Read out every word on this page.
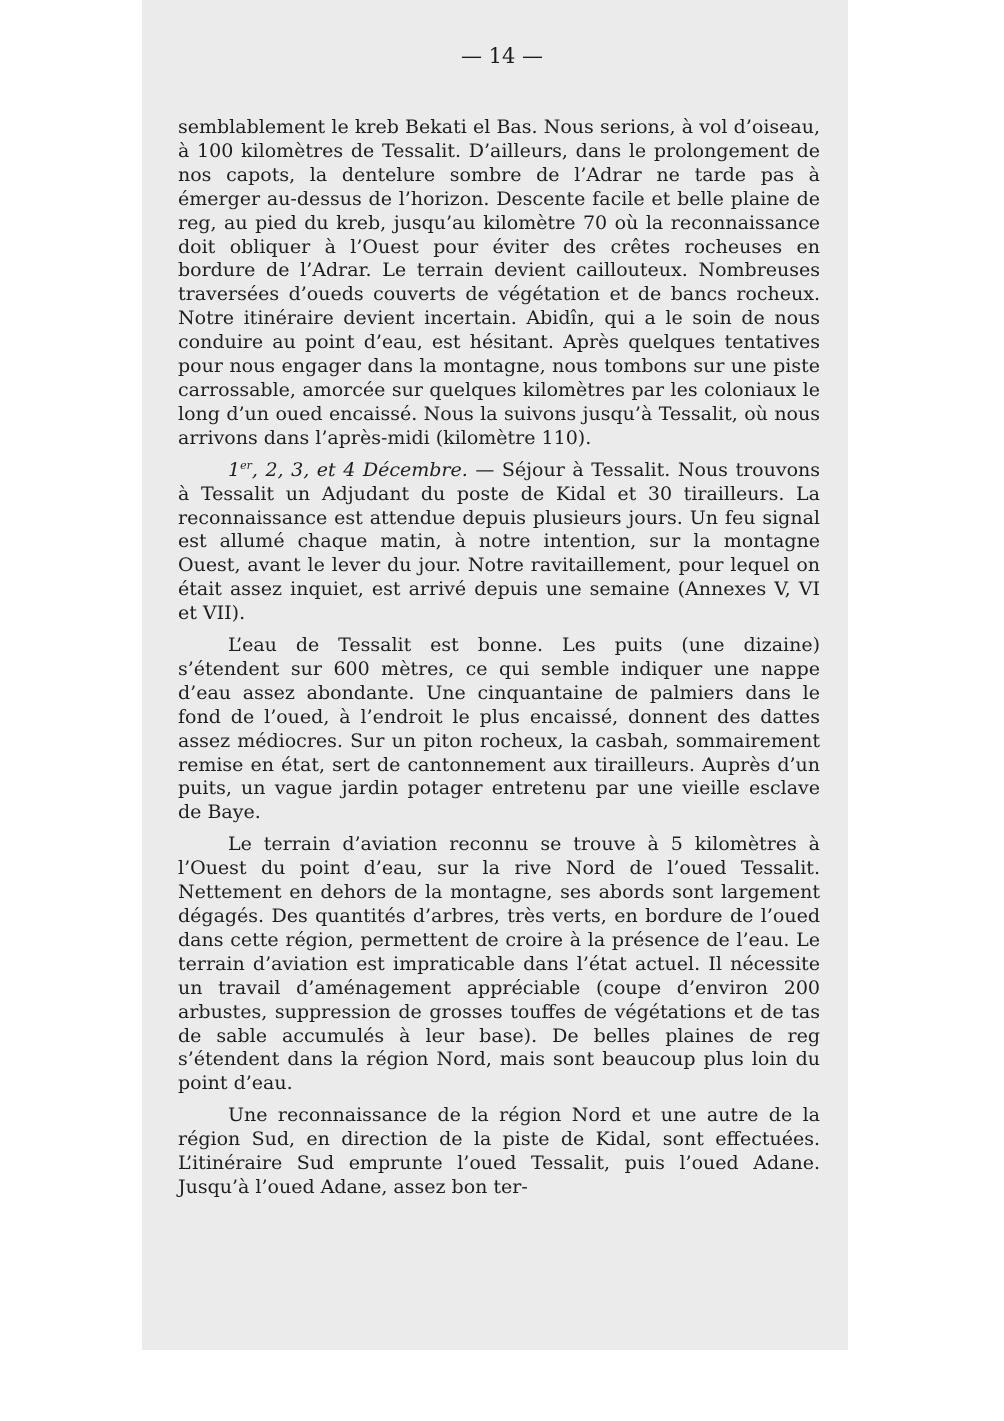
— 14 —

semblablement le kreb Bekati el Bas. Nous serions, à vol d’oiseau, à 100 kilomètres de Tessalit. D’ailleurs, dans le prolongement de nos capots, la dentelure sombre de l’Adrar ne tarde pas à émerger au-dessus de l’horizon. Descente facile et belle plaine de reg, au pied du kreb, jusqu’au kilomètre 70 où la reconnaissance doit obliquer à l’Ouest pour éviter des crêtes rocheuses en bordure de l’Adrar. Le terrain devient caillouteux. Nombreuses traversées d’oueds couverts de végétation et de bancs rocheux. Notre itinéraire devient incertain. Abidîn, qui a le soin de nous conduire au point d’eau, est hésitant. Après quelques tentatives pour nous engager dans la montagne, nous tombons sur une piste carrossable, amorcée sur quelques kilomètres par les coloniaux le long d’un oued encaissé. Nous la suivons jusqu’à Tessalit, où nous arrivons dans l’après-midi (kilomètre 110).

1er, 2, 3, et 4 Décembre. — Séjour à Tessalit. Nous trouvons à Tessalit un Adjudant du poste de Kidal et 30 tirailleurs. La reconnaissance est attendue depuis plusieurs jours. Un feu signal est allumé chaque matin, à notre intention, sur la montagne Ouest, avant le lever du jour. Notre ravitaillement, pour lequel on était assez inquiet, est arrivé depuis une semaine (Annexes V, VI et VII).

L’eau de Tessalit est bonne. Les puits (une dizaine) s’étendent sur 600 mètres, ce qui semble indiquer une nappe d’eau assez abondante. Une cinquantaine de palmiers dans le fond de l’oued, à l’endroit le plus encaissé, donnent des dattes assez médiocres. Sur un piton rocheux, la casbah, sommairement remise en état, sert de cantonnement aux tirailleurs. Auprès d’un puits, un vague jardin potager entretenu par une vieille esclave de Baye.

Le terrain d’aviation reconnu se trouve à 5 kilomètres à l’Ouest du point d’eau, sur la rive Nord de l’oued Tessalit. Nettement en dehors de la montagne, ses abords sont largement dégagés. Des quantités d’arbres, très verts, en bordure de l’oued dans cette région, permettent de croire à la présence de l’eau. Le terrain d’aviation est impraticable dans l’état actuel. Il nécessite un travail d’aménagement appréciable (coupe d’environ 200 arbustes, suppression de grosses touffes de végétations et de tas de sable accumulés à leur base). De belles plaines de reg s’étendent dans la région Nord, mais sont beaucoup plus loin du point d’eau.

Une reconnaissance de la région Nord et une autre de la région Sud, en direction de la piste de Kidal, sont effectuées. L’itinéraire Sud emprunte l’oued Tessalit, puis l’oued Adane. Jusqu’à l’oued Adane, assez bon ter-
